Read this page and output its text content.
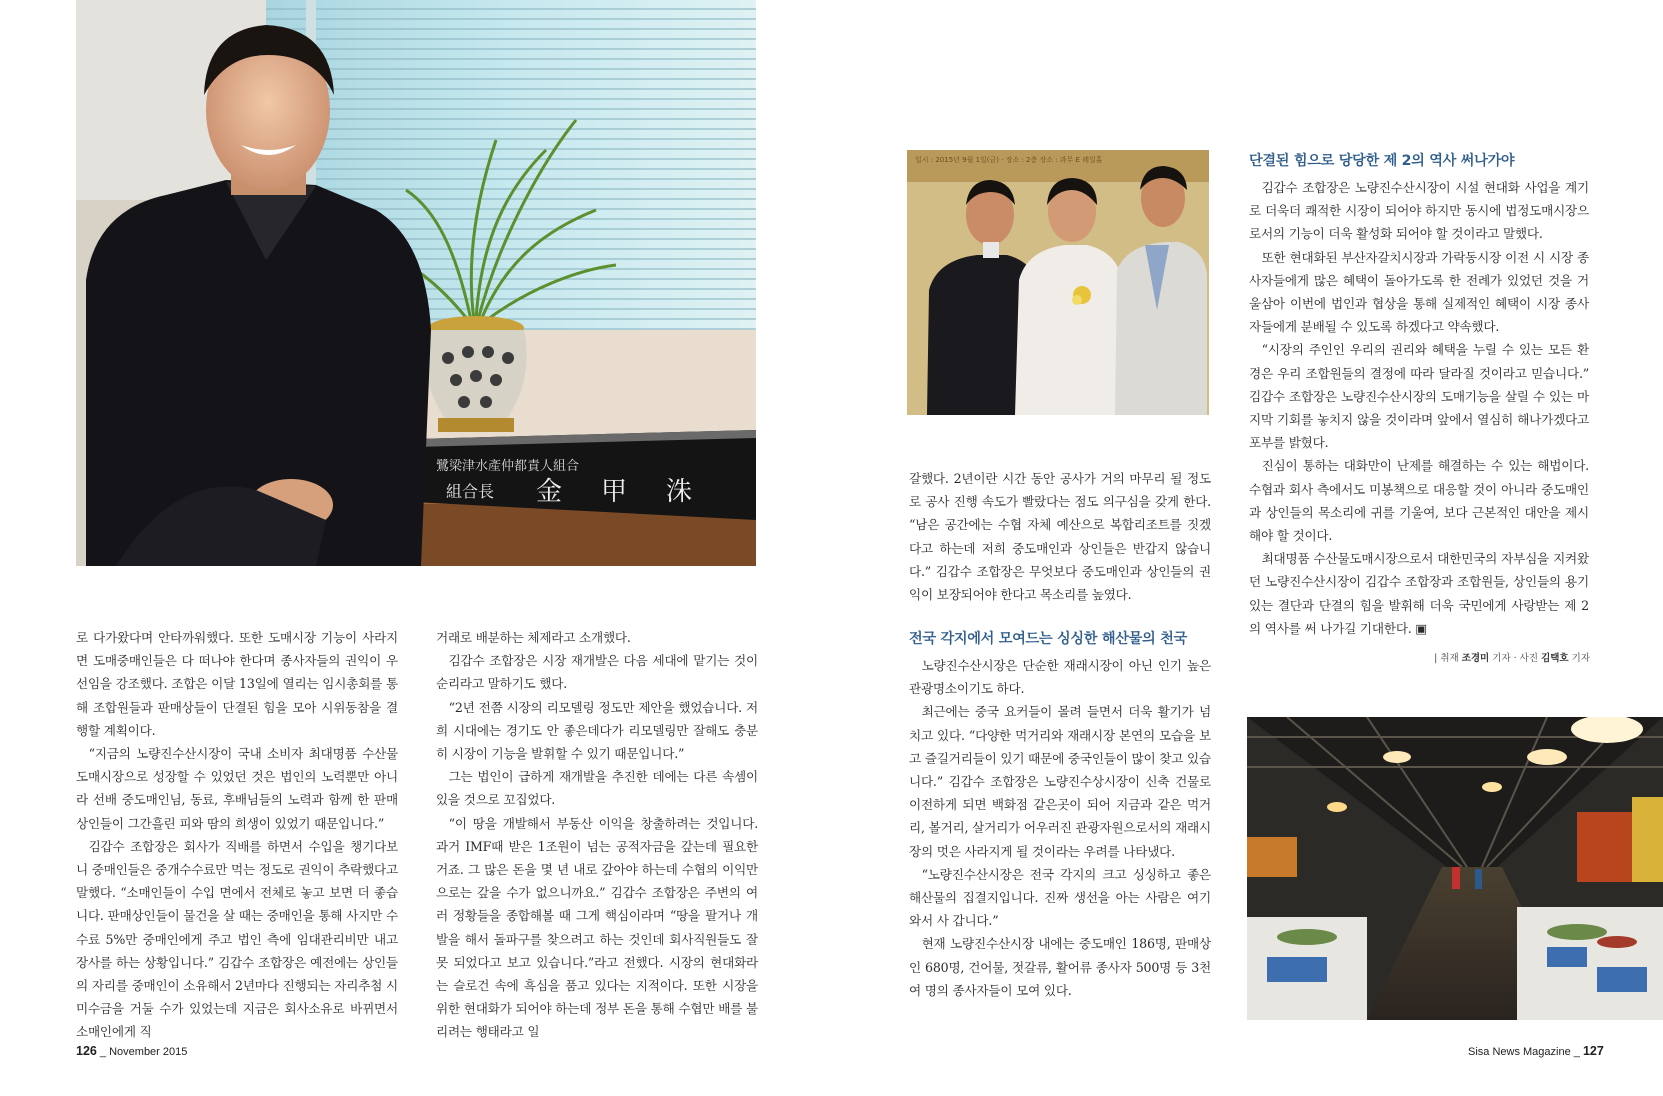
鷺梁津水產仲都責人組合
組合長 金 甲 洙

로 다가왔다며 안타까워했다. 또한 도매시장 기능이 사라지면 도매중매인들은 다 떠나야 한다며 종사자들의 권익이 우선임을 강조했다. 조합은 이달 13일에 열리는 임시총회를 통해 조합원들과 판매상들이 단결된 힘을 모아 시위동참을 결행할 계획이다.

“지금의 노량진수산시장이 국내 소비자 최대명품 수산물도매시장으로 성장할 수 있었던 것은 법인의 노력뿐만 아니라 선배 중도매인님, 동료, 후배님들의 노력과 함께 한 판매상인들이 그간흘린 피와 땀의 희생이 있었기 때문입니다.”

김갑수 조합장은 회사가 직배를 하면서 수입을 챙기다보니 중매인들은 중개수수료만 먹는 정도로 권익이 추락했다고 말했다. “소매인들이 수입 면에서 전체로 놓고 보면 더 좋습니다. 판매상인들이 물건을 살 때는 중매인을 통해 사지만 수수료 5%만 중매인에게 주고 법인 측에 임대관리비만 내고 장사를 하는 상황입니다.” 김갑수 조합장은 예전에는 상인들의 자리를 중매인이 소유해서 2년마다 진행되는 자리추첨 시 미수금을 거둘 수가 있었는데 지금은 회사소유로 바뀌면서 소매인에게 직

거래로 배분하는 체제라고 소개했다.

김갑수 조합장은 시장 재개발은 다음 세대에 맡기는 것이 순리라고 말하기도 했다.

“2년 전쯤 시장의 리모델링 정도만 제안을 했었습니다. 저희 시대에는 경기도 안 좋은데다가 리모델링만 잘해도 충분히 시장이 기능을 발휘할 수 있기 때문입니다.”

그는 법인이 급하게 재개발을 추진한 데에는 다른 속셈이 있을 것으로 꼬집었다.

“이 땅을 개발해서 부동산 이익을 창출하려는 것입니다. 과거 IMF때 받은 1조원이 넘는 공적자금을 갚는데 필요한 거죠. 그 많은 돈을 몇 년 내로 갚아야 하는데 수협의 이익만으로는 갚을 수가 없으니까요.” 김갑수 조합장은 주변의 여러 정황들을 종합해볼 때 그게 핵심이라며 “땅을 팔거나 개발을 해서 돌파구를 찾으려고 하는 것인데 회사직원들도 잘못 되었다고 보고 있습니다.”라고 전했다. 시장의 현대화라는 슬로건 속에 흑심을 품고 있다는 지적이다. 또한 시장을 위한 현대화가 되어야 하는데 정부 돈을 통해 수협만 배를 불리려는 행태라고 일

126 _ November 2015
일시 : 2015년 9월 1일(금) · 장소 : 2층 장소 : 과무 E 레일홀

갈했다. 2년이란 시간 동안 공사가 거의 마무리 될 정도로 공사 진행 속도가 빨랐다는 점도 의구심을 갖게 한다. “남은 공간에는 수협 자체 예산으로 복합리조트를 짓겠다고 하는데 저희 중도매인과 상인들은 반갑지 않습니다.” 김갑수 조합장은 무엇보다 중도매인과 상인들의 권익이 보장되어야 한다고 목소리를 높였다.

전국 각지에서 모여드는 싱싱한 해산물의 천국

노량진수산시장은 단순한 재래시장이 아닌 인기 높은 관광명소이기도 하다.

최근에는 중국 요커들이 몰려 들면서 더욱 활기가 넘치고 있다. “다양한 먹거리와 재래시장 본연의 모습을 보고 즐길거리들이 있기 때문에 중국인들이 많이 찾고 있습니다.” 김갑수 조합장은 노량진수상시장이 신축 건물로 이전하게 되면 백화점 같은곳이 되어 지금과 같은 먹거리, 볼거리, 살거리가 어우러진 관광자원으로서의 재래시장의 멋은 사라지게 될 것이라는 우려를 나타냈다.

“노량진수산시장은 전국 각지의 크고 싱싱하고 좋은 해산물의 집결지입니다. 진짜 생선을 아는 사람은 여기 와서 사 갑니다.”

현재 노량진수산시장 내에는 중도매인 186명, 판매상인 680명, 건어물, 젓갈류, 활어류 종사자 500명 등 3천여 명의 종사자들이 모여 있다.

단결된 힘으로 당당한 제 2의 역사 써나가야

김갑수 조합장은 노량진수산시장이 시설 현대화 사업을 계기로 더욱더 쾌적한 시장이 되어야 하지만 동시에 법정도매시장으로서의 기능이 더욱 활성화 되어야 할 것이라고 말했다.

또한 현대화된 부산자갈치시장과 가락동시장 이전 시 시장 종사자들에게 많은 혜택이 돌아가도록 한 전례가 있었던 것을 거울삼아 이번에 법인과 협상을 통해 실제적인 혜택이 시장 종사자들에게 분배될 수 있도록 하겠다고 약속했다.

“시장의 주인인 우리의 권리와 혜택을 누릴 수 있는 모든 환경은 우리 조합원들의 결정에 따라 달라질 것이라고 믿습니다.” 김갑수 조합장은 노량진수산시장의 도매기능을 살릴 수 있는 마지막 기회를 놓치지 않을 것이라며 앞에서 열심히 해나가겠다고 포부를 밝혔다.

진심이 통하는 대화만이 난제를 해결하는 수 있는 해법이다. 수협과 회사 측에서도 미봉책으로 대응할 것이 아니라 중도매인과 상인들의 목소리에 귀를 기울여, 보다 근본적인 대안을 제시해야 할 것이다.

최대명품 수산물도매시장으로서 대한민국의 자부심을 지켜왔던 노량진수산시장이 김갑수 조합장과 조합원들, 상인들의 용기 있는 결단과 단결의 힘을 발휘해 더욱 국민에게 사랑받는 제 2의 역사를 써 나가길 기대한다. ▣

| 취재 조경미 기자 · 사진 김택호 기자
Sisa News Magazine _ 127
